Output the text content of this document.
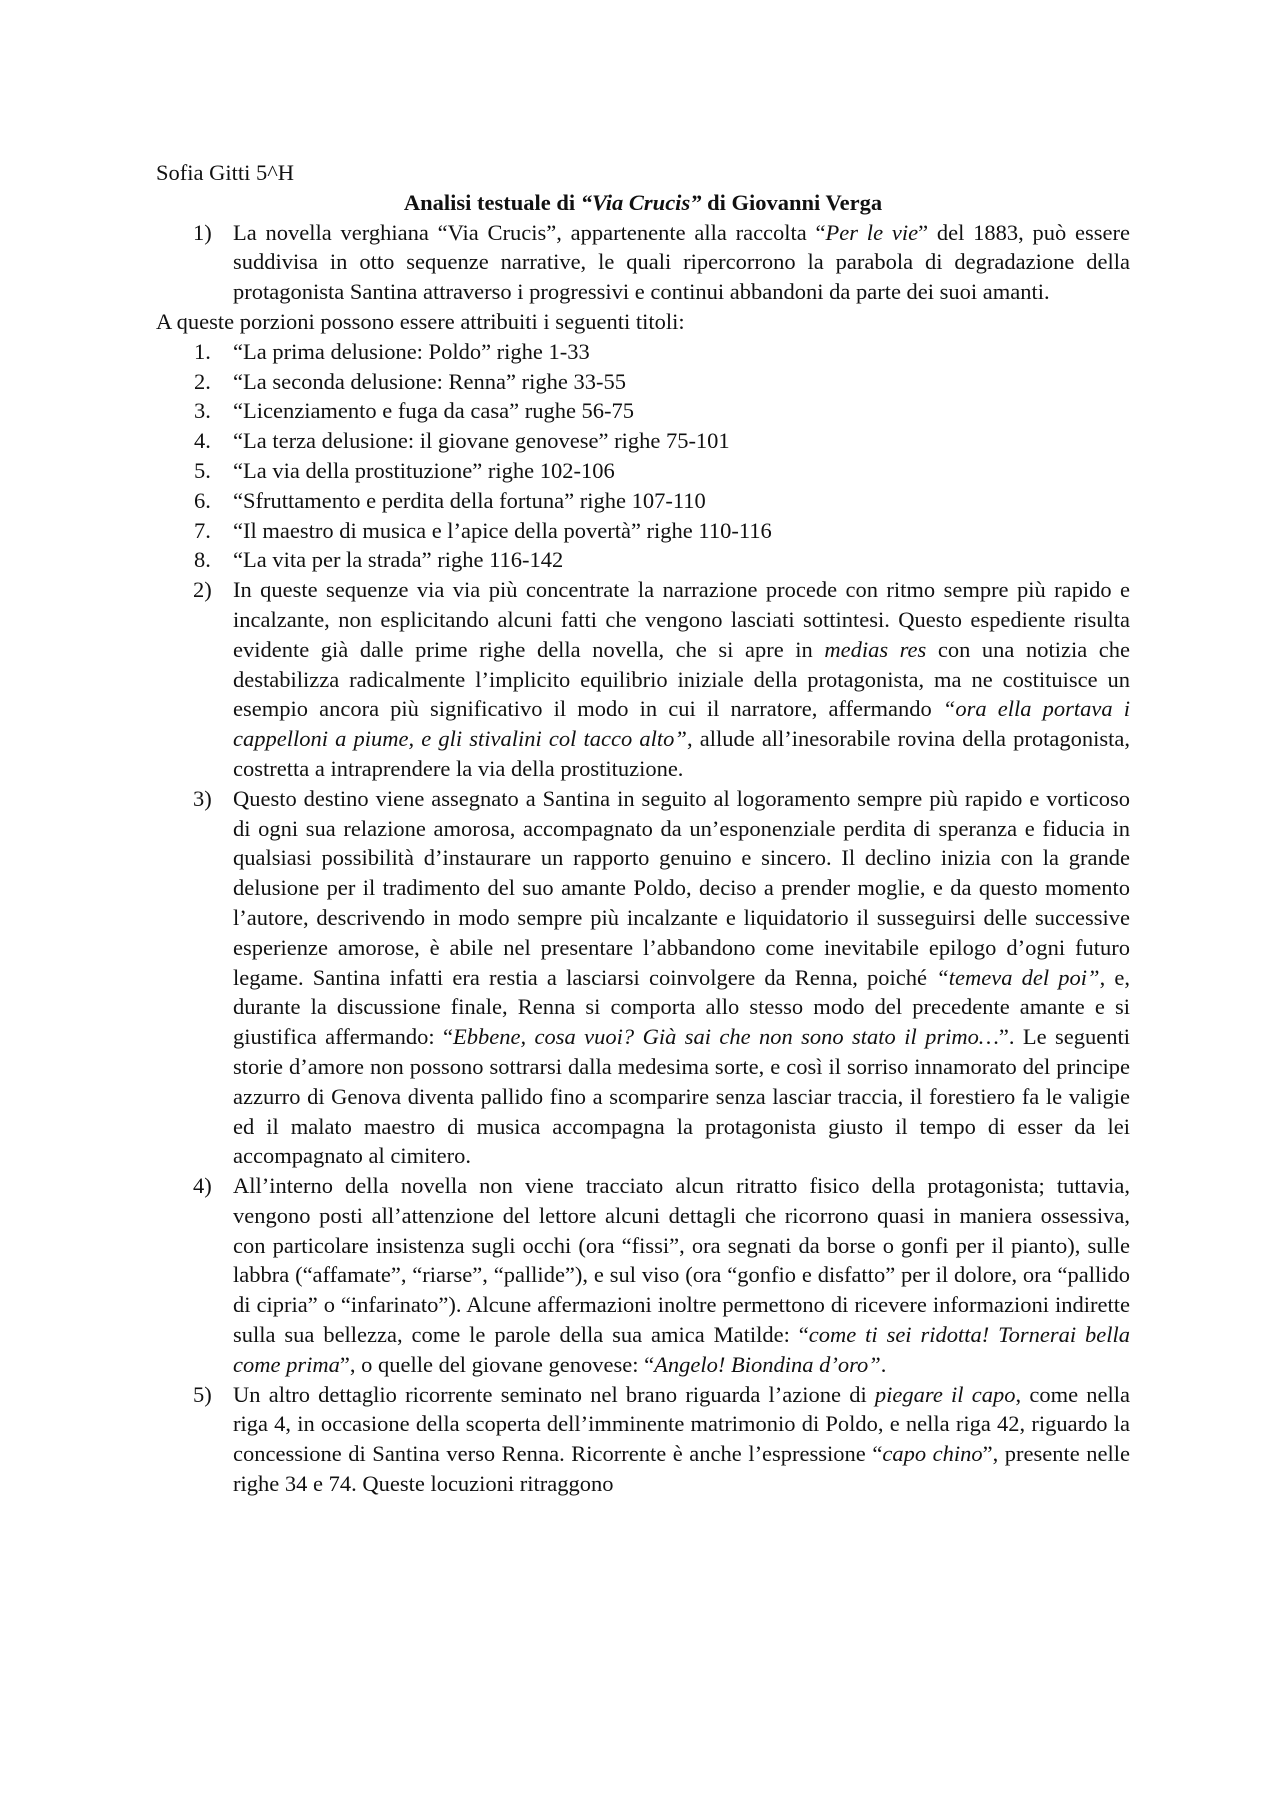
Sofia Gitti 5^H

Analisi testuale di “Via Crucis” di Giovanni Verga

1) La novella verghiana “Via Crucis”, appartenente alla raccolta “Per le vie” del 1883, può essere suddivisa in otto sequenze narrative, le quali ripercorrono la parabola di degradazione della protagonista Santina attraverso i progressivi e continui abbandoni da parte dei suoi amanti.

A queste porzioni possono essere attribuiti i seguenti titoli:

1. “La prima delusione: Poldo” righe 1-33

2. “La seconda delusione: Renna” righe 33-55

3. “Licenziamento e fuga da casa” rughe 56-75

4. “La terza delusione: il giovane genovese” righe 75-101

5. “La via della prostituzione” righe 102-106

6. “Sfruttamento e perdita della fortuna” righe 107-110

7. “Il maestro di musica e l’apice della povertà” righe 110-116

8. “La vita per la strada” righe 116-142

2) In queste sequenze via via più concentrate la narrazione procede con ritmo sempre più rapido e incalzante, non esplicitando alcuni fatti che vengono lasciati sottintesi. Questo espediente risulta evidente già dalle prime righe della novella, che si apre in medias res con una notizia che destabilizza radicalmente l’implicito equilibrio iniziale della protagonista, ma ne costituisce un esempio ancora più significativo il modo in cui il narratore, affermando “ora ella portava i cappelloni a piume, e gli stivalini col tacco alto”, allude all’inesorabile rovina della protagonista, costretta a intraprendere la via della prostituzione.

3) Questo destino viene assegnato a Santina in seguito al logoramento sempre più rapido e vorticoso di ogni sua relazione amorosa, accompagnato da un’esponenziale perdita di speranza e fiducia in qualsiasi possibilità d’instaurare un rapporto genuino e sincero. Il declino inizia con la grande delusione per il tradimento del suo amante Poldo, deciso a prender moglie, e da questo momento l’autore, descrivendo in modo sempre più incalzante e liquidatorio il susseguirsi delle successive esperienze amorose, è abile nel presentare l’abbandono come inevitabile epilogo d’ogni futuro legame. Santina infatti era restia a lasciarsi coinvolgere da Renna, poiché “temeva del poi”, e, durante la discussione finale, Renna si comporta allo stesso modo del precedente amante e si giustifica affermando: “Ebbene, cosa vuoi? Già sai che non sono stato il primo…”. Le seguenti storie d’amore non possono sottrarsi dalla medesima sorte, e così il sorriso innamorato del principe azzurro di Genova diventa pallido fino a scomparire senza lasciar traccia, il forestiero fa le valigie ed il malato maestro di musica accompagna la protagonista giusto il tempo di esser da lei accompagnato al cimitero.

4) All’interno della novella non viene tracciato alcun ritratto fisico della protagonista; tuttavia, vengono posti all’attenzione del lettore alcuni dettagli che ricorrono quasi in maniera ossessiva, con particolare insistenza sugli occhi (ora “fissi”, ora segnati da borse o gonfi per il pianto), sulle labbra (“affamate”, “riarse”, “pallide”), e sul viso (ora “gonfio e disfatto” per il dolore, ora “pallido di cipria” o “infarinato”). Alcune affermazioni inoltre permettono di ricevere informazioni indirette sulla sua bellezza, come le parole della sua amica Matilde: “come ti sei ridotta! Tornerai bella come prima”, o quelle del giovane genovese: “Angelo! Biondina d’oro”.

5) Un altro dettaglio ricorrente seminato nel brano riguarda l’azione di piegare il capo, come nella riga 4, in occasione della scoperta dell’imminente matrimonio di Poldo, e nella riga 42, riguardo la concessione di Santina verso Renna. Ricorrente è anche l’espressione “capo chino”, presente nelle righe 34 e 74. Queste locuzioni ritraggono
